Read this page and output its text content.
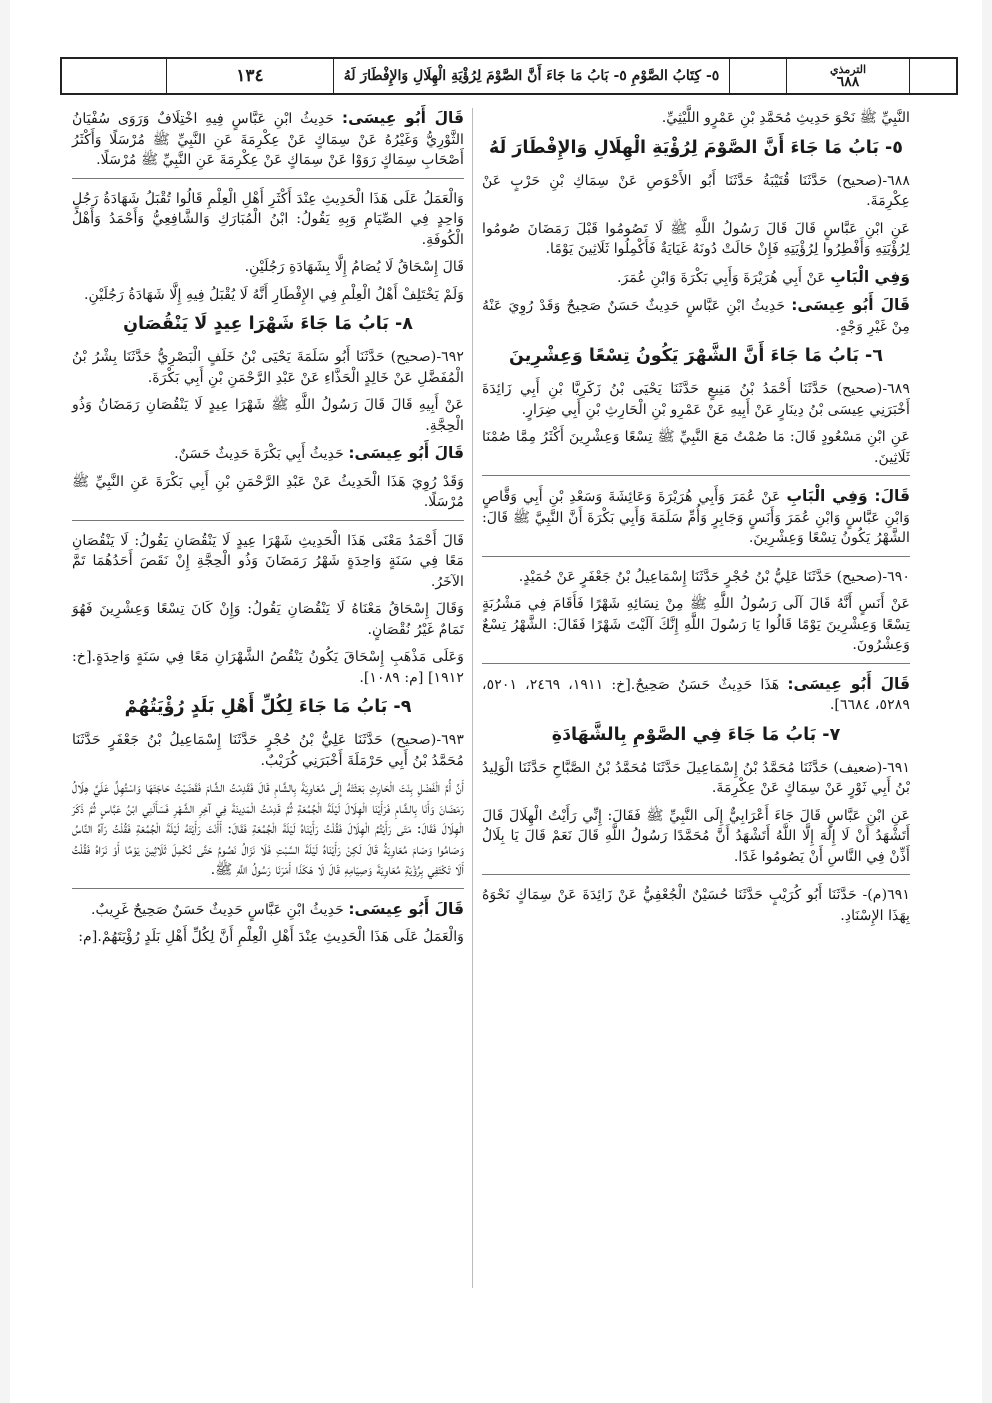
الترمذي
٦٨٨
٥- كِتَابُ الصَّوْمِ ٥- بَابُ مَا جَاءَ أَنَّ الصَّوْمَ لِرُؤْيَةِ الْهِلَالِ وَالإِفْطَارَ لَهُ
١٣٤

النَّبِيِّ ﷺ نَحْوَ حَدِيثِ مُحَمَّدِ بْنِ عَمْرٍو اللَّيْثِيِّ.

٥- بَابُ مَا جَاءَ أَنَّ الصَّوْمَ لِرُؤْيَةِ الْهِلَالِ وَالإِفْطَارَ لَهُ

٦٨٨-(صحيح) حَدَّثَنَا قُتَيْبَةُ حَدَّثَنَا أَبُو الأَحْوَصِ عَنْ سِمَاكِ بْنِ حَرْبٍ عَنْ عِكْرِمَةَ.

عَنِ ابْنِ عَبَّاسٍ قَالَ قَالَ رَسُولُ اللَّهِ ﷺ لَا تَصُومُوا قَبْلَ رَمَضَانَ صُومُوا لِرُؤْيَتِهِ وَأَفْطِرُوا لِرُؤْيَتِهِ فَإِنْ حَالَتْ دُونَهُ غَيَايَةٌ فَأَكْمِلُوا ثَلَاثِينَ يَوْمًا.

وَفِي الْبَابِ عَنْ أَبِي هُرَيْرَةَ وَأَبِي بَكْرَةَ وَابْنِ عُمَرَ.

قَالَ أَبُو عِيسَى: حَدِيثُ ابْنِ عَبَّاسٍ حَدِيثٌ حَسَنٌ صَحِيحٌ وَقَدْ رُوِيَ عَنْهُ مِنْ غَيْرِ وَجْهٍ.

٦- بَابُ مَا جَاءَ أَنَّ الشَّهْرَ يَكُونُ تِسْعًا وَعِشْرِينَ

٦٨٩-(صحيح) حَدَّثَنَا أَحْمَدُ بْنُ مَنِيعٍ حَدَّثَنَا يَحْيَى بْنُ زَكَرِيَّا بْنِ أَبِي زَائِدَةَ أَخْبَرَنِي عِيسَى بْنُ دِينَارٍ عَنْ أَبِيهِ عَنْ عَمْرِو بْنِ الْحَارِثِ بْنِ أَبِي ضِرَارٍ.

عَنِ ابْنِ مَسْعُودٍ قَالَ: مَا صُمْتُ مَعَ النَّبِيِّ ﷺ تِسْعًا وَعِشْرِينَ أَكْثَرُ مِمَّا صُمْنَا ثَلَاثِينَ.

قَالَ: وَفِي الْبَابِ عَنْ عُمَرَ وَأَبِي هُرَيْرَةَ وَعَائِشَةَ وَسَعْدِ بْنِ أَبِي وَقَّاصٍ وَابْنِ عَبَّاسٍ وَابْنِ عُمَرَ وَأَنَسٍ وَجَابِرٍ وَأُمِّ سَلَمَةَ وَأَبِي بَكْرَةَ أَنَّ النَّبِيَّ ﷺ قَالَ: الشَّهْرُ يَكُونُ تِسْعًا وَعِشْرِينَ.

٦٩٠-(صحيح) حَدَّثَنَا عَلِيُّ بْنُ حُجْرٍ حَدَّثَنَا إِسْمَاعِيلُ بْنُ جَعْفَرٍ عَنْ حُمَيْدٍ.

عَنْ أَنَسٍ أَنَّهُ قَالَ آلَى رَسُولُ اللَّهِ ﷺ مِنْ نِسَائِهِ شَهْرًا فَأَقَامَ فِي مَشْرُبَةٍ تِسْعًا وَعِشْرِينَ يَوْمًا قَالُوا يَا رَسُولَ اللَّهِ إِنَّكَ آلَيْتَ شَهْرًا فَقَالَ: الشَّهْرُ تِسْعٌ وَعِشْرُونَ.

قَالَ أَبُو عِيسَى: هَذَا حَدِيثٌ حَسَنٌ صَحِيحٌ.[خ: ١٩١١، ٢٤٦٩، ٥٢٠١، ٥٢٨٩، ٦٦٨٤].

٧- بَابُ مَا جَاءَ فِي الصَّوْمِ بِالشَّهَادَةِ

٦٩١-(ضعيف) حَدَّثَنَا مُحَمَّدُ بْنُ إِسْمَاعِيلَ حَدَّثَنَا مُحَمَّدُ بْنُ الصَّبَّاحِ حَدَّثَنَا الْوَلِيدُ بْنُ أَبِي ثَوْرٍ عَنْ سِمَاكٍ عَنْ عِكْرِمَةَ.

عَنِ ابْنِ عَبَّاسٍ قَالَ جَاءَ أَعْرَابِيٌّ إِلَى النَّبِيِّ ﷺ فَقَالَ: إِنِّي رَأَيْتُ الْهِلَالَ قَالَ أَتَشْهَدُ أَنْ لَا إِلَهَ إِلَّا اللَّهُ أَتَشْهَدُ أَنَّ مُحَمَّدًا رَسُولُ اللَّهِ قَالَ نَعَمْ قَالَ يَا بِلَالُ أَذِّنْ فِي النَّاسِ أَنْ يَصُومُوا غَدًا.

٦٩١(م)- حَدَّثَنَا أَبُو كُرَيْبٍ حَدَّثَنَا حُسَيْنٌ الْجُعْفِيُّ عَنْ زَائِدَةَ عَنْ سِمَاكٍ نَحْوَهُ بِهَذَا الإِسْنَادِ.

قَالَ أَبُو عِيسَى: حَدِيثُ ابْنِ عَبَّاسٍ فِيهِ اخْتِلَافٌ وَرَوَى سُفْيَانُ الثَّوْرِيُّ وَغَيْرُهُ عَنْ سِمَاكٍ عَنْ عِكْرِمَةَ عَنِ النَّبِيِّ ﷺ مُرْسَلًا وَأَكْثَرُ أَصْحَابِ سِمَاكٍ رَوَوْا عَنْ سِمَاكٍ عَنْ عِكْرِمَةَ عَنِ النَّبِيِّ ﷺ مُرْسَلًا.

وَالْعَمَلُ عَلَى هَذَا الْحَدِيثِ عِنْدَ أَكْثَرِ أَهْلِ الْعِلْمِ قَالُوا تُقْبَلُ شَهَادَةُ رَجُلٍ وَاحِدٍ فِي الصِّيَامِ وَبِهِ يَقُولُ: ابْنُ الْمُبَارَكِ وَالشَّافِعِيُّ وَأَحْمَدُ وَأَهْلُ الْكُوفَةِ.

قَالَ إِسْحَاقُ لَا يُصَامُ إِلَّا بِشَهَادَةِ رَجُلَيْنِ.

وَلَمْ يَخْتَلِفْ أَهْلُ الْعِلْمِ فِي الإِفْطَارِ أَنَّهُ لَا يُقْبَلُ فِيهِ إِلَّا شَهَادَةُ رَجُلَيْنِ.

٨- بَابُ مَا جَاءَ شَهْرَا عِيدٍ لَا يَنْقُصَانِ

٦٩٢-(صحيح) حَدَّثَنَا أَبُو سَلَمَةَ يَحْيَى بْنُ خَلَفٍ الْبَصْرِيُّ حَدَّثَنَا بِشْرُ بْنُ الْمُفَضَّلِ عَنْ خَالِدٍ الْحَذَّاءِ عَنْ عَبْدِ الرَّحْمَنِ بْنِ أَبِي بَكْرَةَ.

عَنْ أَبِيهِ قَالَ قَالَ رَسُولُ اللَّهِ ﷺ شَهْرَا عِيدٍ لَا يَنْقُصَانِ رَمَضَانُ وَذُو الْحِجَّةِ.

قَالَ أَبُو عِيسَى: حَدِيثُ أَبِي بَكْرَةَ حَدِيثٌ حَسَنٌ.

وَقَدْ رُوِيَ هَذَا الْحَدِيثُ عَنْ عَبْدِ الرَّحْمَنِ بْنِ أَبِي بَكْرَةَ عَنِ النَّبِيِّ ﷺ مُرْسَلًا.

قَالَ أَحْمَدُ مَعْنَى هَذَا الْحَدِيثِ شَهْرَا عِيدٍ لَا يَنْقُصَانِ يَقُولُ: لَا يَنْقُصَانِ مَعًا فِي سَنَةٍ وَاحِدَةٍ شَهْرُ رَمَضَانَ وَذُو الْحِجَّةِ إِنْ نَقَصَ أَحَدُهُمَا تَمَّ الآخَرُ.

وَقَالَ إِسْحَاقُ مَعْنَاهُ لَا يَنْقُصَانِ يَقُولُ: وَإِنْ كَانَ تِسْعًا وَعِشْرِينَ فَهُوَ تَمَامٌ غَيْرُ نُقْصَانٍ.

وَعَلَى مَذْهَبِ إِسْحَاقَ يَكُونُ يَنْقُصُ الشَّهْرَانِ مَعًا فِي سَنَةٍ وَاحِدَةٍ.[خ: ١٩١٢] [م: ١٠٨٩].

٩- بَابُ مَا جَاءَ لِكُلِّ أَهْلِ بَلَدٍ رُؤْيَتُهُمْ

٦٩٣-(صحيح) حَدَّثَنَا عَلِيُّ بْنُ حُجْرٍ حَدَّثَنَا إِسْمَاعِيلُ بْنُ جَعْفَرٍ حَدَّثَنَا مُحَمَّدُ بْنُ أَبِي حَرْمَلَةَ أَخْبَرَنِي كُرَيْبٌ.

أَنَّ أُمَّ الْفَضْلِ بِنْتَ الْحَارِثِ بَعَثَتْهُ إِلَى مُعَاوِيَةَ بِالشَّامِ قَالَ فَقَدِمْتُ الشَّامَ فَقَضَيْتُ حَاجَتَهَا وَاسْتُهِلَّ عَلَيَّ هِلَالُ رَمَضَانَ وَأَنَا بِالشَّامِ فَرَأَيْنَا الْهِلَالَ لَيْلَةَ الْجُمُعَةِ ثُمَّ قَدِمْتُ الْمَدِينَةَ فِي آخِرِ الشَّهْرِ فَسَأَلَنِي ابْنُ عَبَّاسٍ ثُمَّ ذَكَرَ الْهِلَالَ فَقَالَ: مَتَى رَأَيْتُمُ الْهِلَالَ فَقُلْتُ رَأَيْنَاهُ لَيْلَةَ الْجُمُعَةِ فَقَالَ: أَأَنْتَ رَأَيْتَهُ لَيْلَةَ الْجُمُعَةِ فَقُلْتُ رَآهُ النَّاسُ وَصَامُوا وَصَامَ مُعَاوِيَةُ قَالَ لَكِنْ رَأَيْنَاهُ لَيْلَةَ السَّبْتِ فَلَا نَزَالُ نَصُومُ حَتَّى نُكْمِلَ ثَلَاثِينَ يَوْمًا أَوْ نَرَاهُ فَقُلْتُ أَلَا تَكْتَفِي بِرُؤْيَةِ مُعَاوِيَةَ وَصِيَامِهِ قَالَ لَا هَكَذَا أَمَرَنَا رَسُولُ اللَّهِ ﷺ.

قَالَ أَبُو عِيسَى: حَدِيثُ ابْنِ عَبَّاسٍ حَدِيثٌ حَسَنٌ صَحِيحٌ غَرِيبٌ.

وَالْعَمَلُ عَلَى هَذَا الْحَدِيثِ عِنْدَ أَهْلِ الْعِلْمِ أَنَّ لِكُلِّ أَهْلِ بَلَدٍ رُؤْيَتَهُمْ.[م:
